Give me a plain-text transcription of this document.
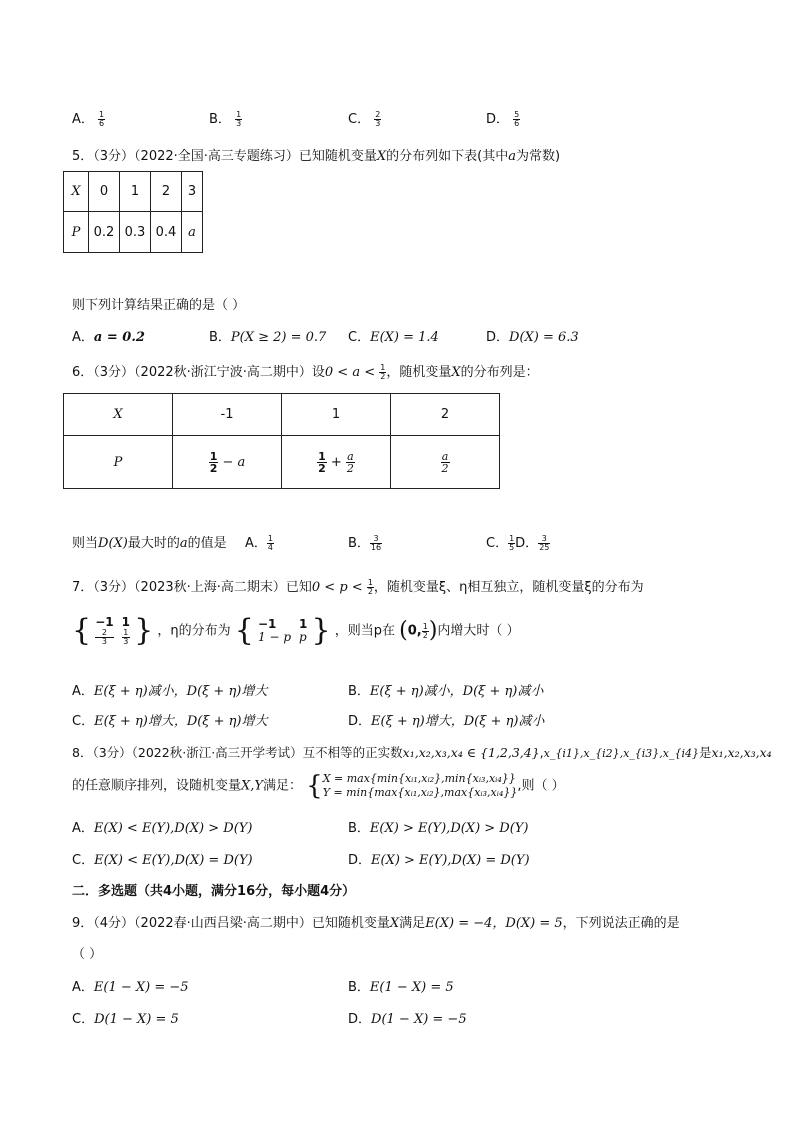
A． $\frac{1}{6}$	B． $\frac{1}{3}$	C． $\frac{2}{3}$	D． $\frac{5}{6}$
5．（3分）（2022·全国·高三专题练习）已知随机变量X的分布列如下表(其中a为常数)
X	0	1	2	3
P	0.2	0.3	0.4	a
则下列计算结果正确的是（ ）
A．a = 0.2	B．P(X ≥ 2) = 0.7 C．E(X) = 1.4	D．D(X) = 6.3
6．（3分）（2022秋·浙江宁波·高二期中）设$0 < a < \frac{1}{2}$ ，随机变量X的分布列是：
X	-1	1	2
P	$\frac{1}{2} - a$	$\frac{1}{2} + \frac{a}{2}$	$\frac{a}{2}$
则当D(X)最大时的a的值是 A． $\frac{1}{4}$	B． $\frac{3}{16}$	C． $\frac{1}{5}$ D． $\frac{3}{25}$
7．（3分）（2023秋·上海·高二期末）已知$0 < p < \frac{1}{2}$ ，随机变量ξ、η相互独立，随机变量ξ的分布为
{ −1 1
$\frac{2}{3} \frac{1}{3}$ } ，η的分布为 { −1	1
1 − p p } ，则当p在 (0, $\frac{1}{2}$ )内增大时（ ）
A．E(ξ + η)减小，D(ξ + η)增大	B．E(ξ + η)减小，D(ξ + η)减小
C．E(ξ + η)增大，D(ξ + η)增大	D．E(ξ + η)增大，D(ξ + η)减小
8．（3分）（2022秋·浙江·高三开学考试）互不相等的正实数x₁,x₂,x₃,x₄ ∈ {1,2,3,4},x_{i1},x_{i2},x_{i3},x_{i4}是x₁,x₂,x₃,x₄
的任意顺序排列，设随机变量X,Y满足： { X = max{min{xᵢ₁,xᵢ₂},min{xᵢ₃,xᵢ₄}}
Y = min{max{xᵢ₁,xᵢ₂},max{xᵢ₃,xᵢ₄}} ,则（ ）
A．E(X) < E(Y),D(X) > D(Y)	B．E(X) > E(Y),D(X) > D(Y)
C．E(X) < E(Y),D(X) = D(Y)	D．E(X) > E(Y),D(X) = D(Y)
二．多选题（共4小题，满分16分，每小题4分）
9．（4分）（2022春·山西吕梁·高二期中）已知随机变量X满足E(X) = −4，D(X) = 5，下列说法正确的是
（ ）
A．E(1 − X) = −5	B．E(1 − X) = 5
C．D(1 − X) = 5	D．D(1 − X) = −5
